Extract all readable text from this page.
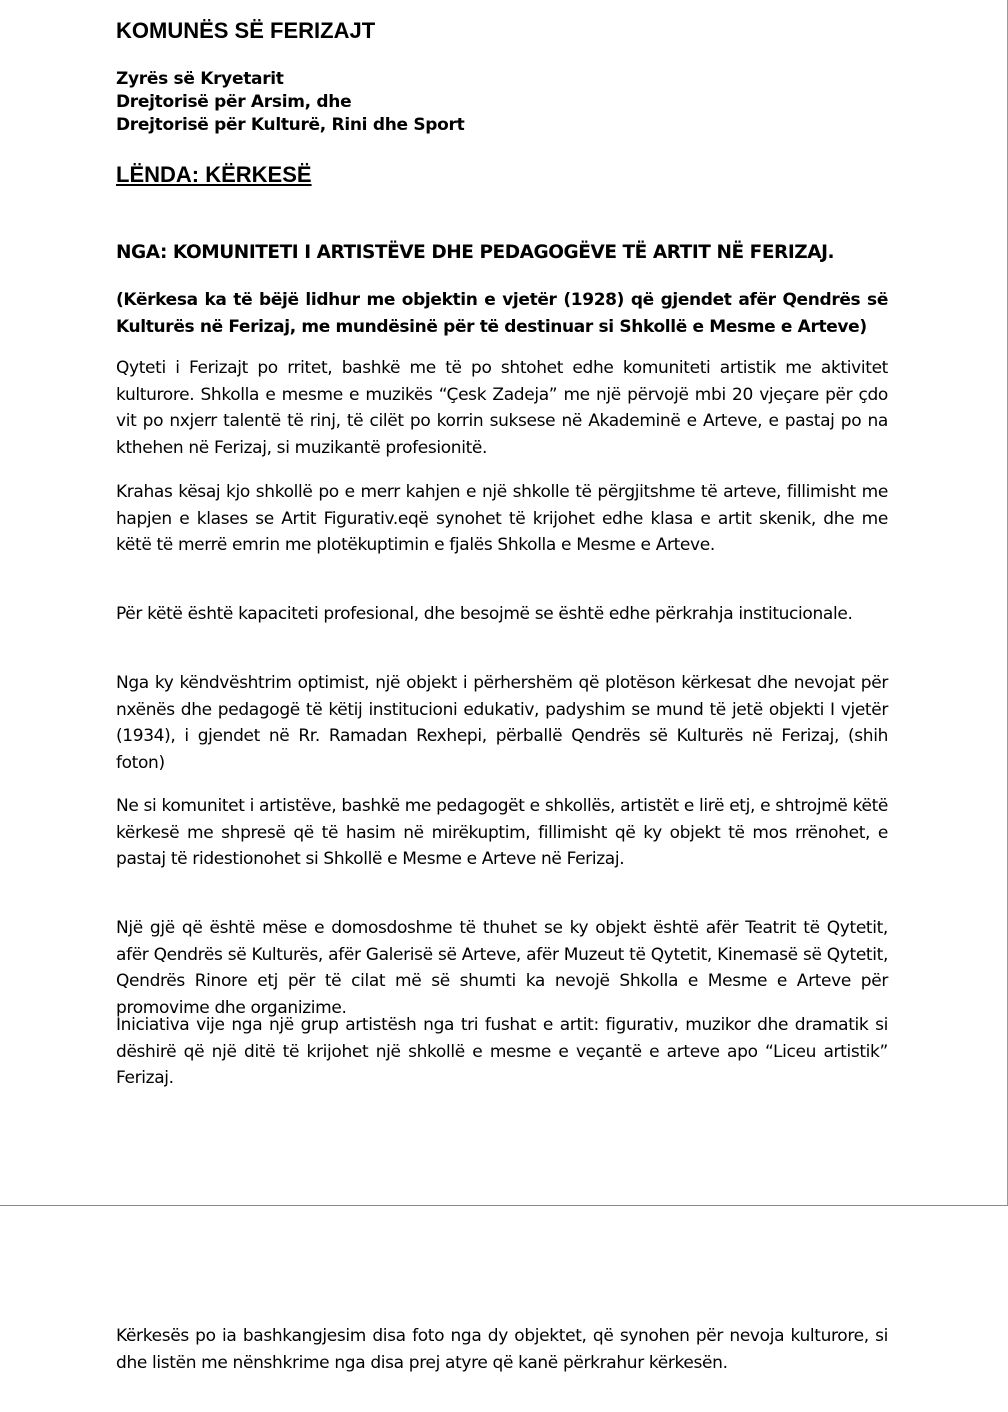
KOMUNËS SË FERIZAJT
Zyrës së Kryetarit
Drejtorisë për Arsim, dhe
Drejtorisë për Kulturë, Rini dhe Sport
LËNDA: KËRKESË
NGA: KOMUNITETI I ARTISTËVE DHE PEDAGOGËVE TË ARTIT NË FERIZAJ.
(Kërkesa ka të bëjë lidhur me objektin e vjetër (1928) që gjendet afër Qendrës së Kulturës në Ferizaj, me mundësinë për të destinuar si Shkollë e Mesme e Arteve)
Qyteti i Ferizajt po rritet, bashkë me të po shtohet edhe komuniteti artistik me aktivitet kulturore. Shkolla e mesme e muzikës “Çesk Zadeja” me një përvojë mbi 20 vjeçare për çdo vit po nxjerr talentë të rinj, të cilët po korrin suksese në Akademinë e Arteve, e pastaj po na kthehen në Ferizaj, si muzikantë profesionitë.
Krahas kësaj kjo shkollë po e merr kahjen e një shkolle të përgjitshme të arteve, fillimisht me hapjen e klases se Artit Figurativ.eqë synohet të krijohet edhe klasa e artit skenik, dhe me këtë të merrë emrin me plotëkuptimin e fjalës Shkolla e Mesme e Arteve.
Për këtë është kapaciteti profesional, dhe besojmë se është edhe përkrahja institucionale.
Nga ky këndvështrim optimist, një objekt i përhershëm që plotëson kërkesat dhe nevojat për nxënës dhe pedagogë të këtij institucioni edukativ, padyshim se mund të jetë objekti I vjetër (1934), i gjendet në Rr. Ramadan Rexhepi, përballë Qendrës së Kulturës në Ferizaj, (shih foton)
Ne si komunitet i artistëve, bashkë me pedagogët e shkollës, artistët e lirë etj, e shtrojmë këtë kërkesë me shpresë që të hasim në mirëkuptim, fillimisht që ky objekt të mos rrënohet, e pastaj të ridestionohet si Shkollë e Mesme e Arteve në Ferizaj.
Një gjë që është mëse e domosdoshme të thuhet se ky objekt është afër Teatrit të Qytetit, afër Qendrës së Kulturës, afër Galerisë së Arteve, afër Muzeut të Qytetit, Kinemasë së Qytetit, Qendrës Rinore etj për të cilat më së shumti ka nevojë Shkolla e Mesme e Arteve për promovime dhe organizime.
Iniciativa vije nga një grup artistësh nga tri fushat e artit: figurativ, muzikor dhe dramatik si dëshirë që një ditë të krijohet një shkollë e mesme e veçantë e arteve apo “Liceu artistik” Ferizaj.
Kërkesës po ia bashkangjesim disa foto nga dy objektet, që synohen për nevoja kulturore, si dhe listën me nënshkrime nga disa prej atyre që kanë përkrahur kërkesën.
